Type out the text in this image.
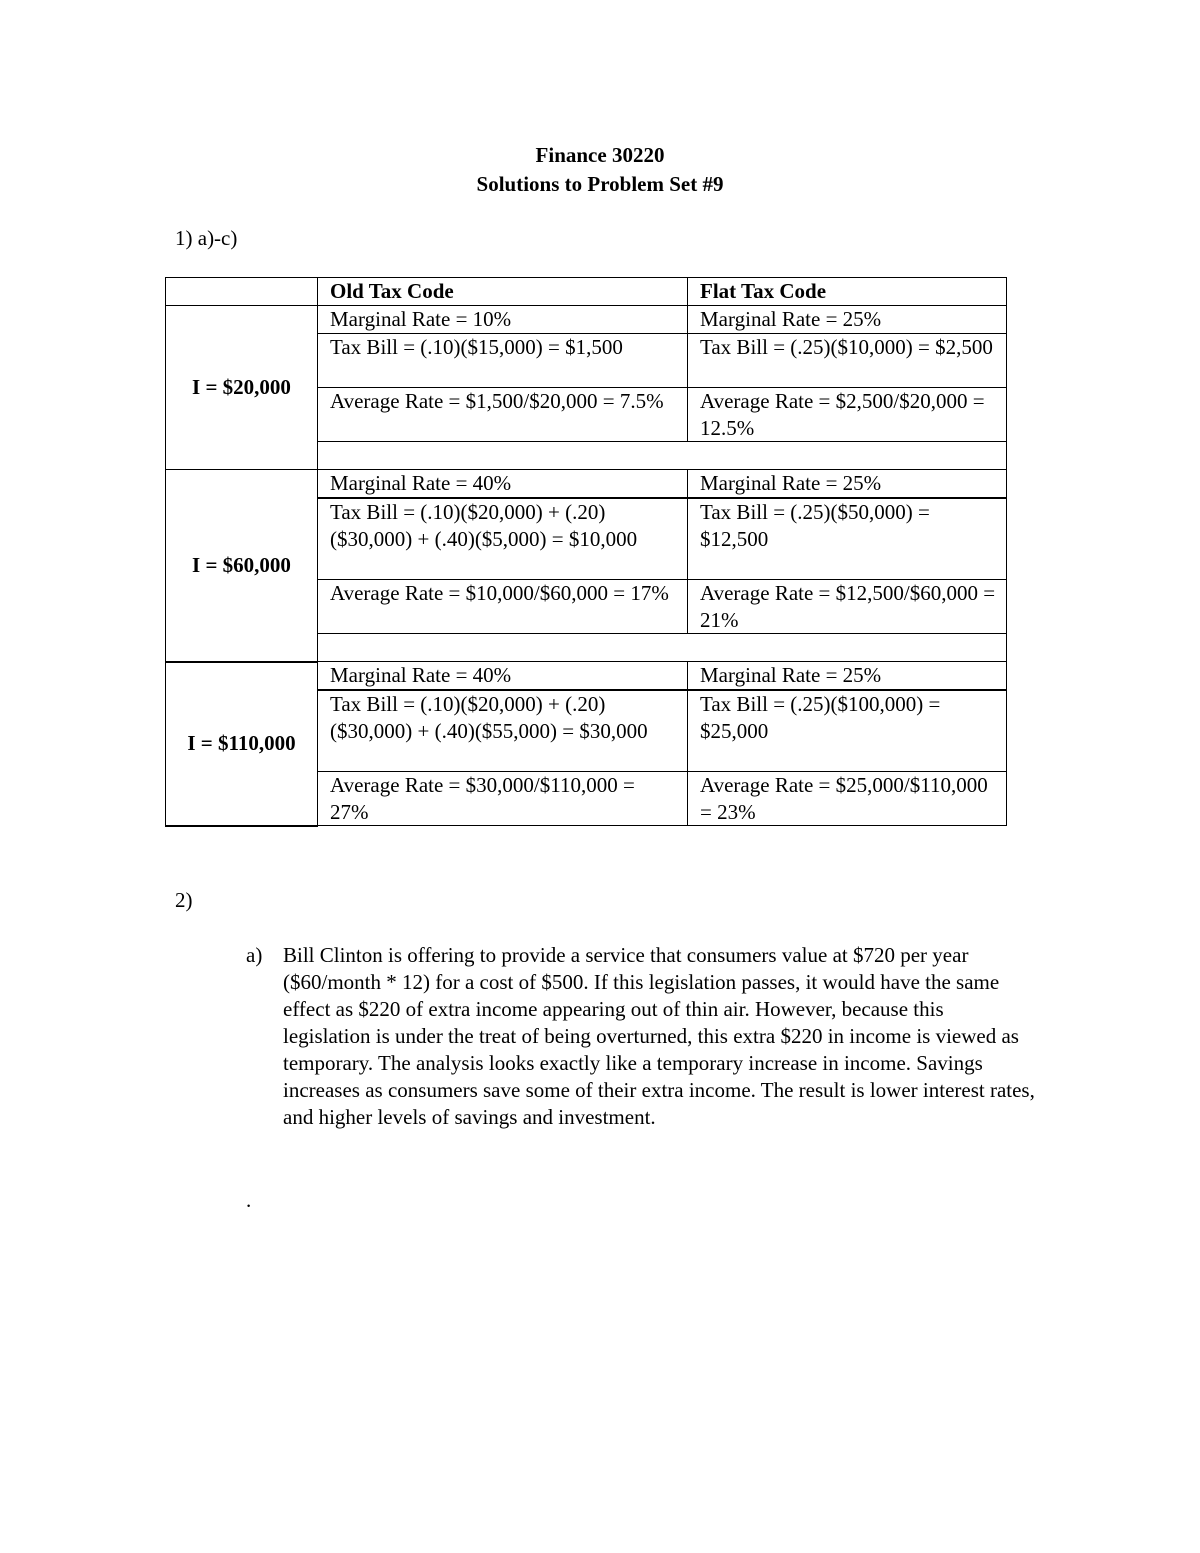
Finance 30220
Solutions to Problem Set #9
1) a)-c)
	Old Tax Code	Flat Tax Code
I = $20,000	Marginal Rate = 10%	Marginal Rate = 25%
	Tax Bill = (.10)($15,000) = $1,500	Tax Bill = (.25)($10,000) = $2,500
	Average Rate = $1,500/$20,000 = 7.5%	Average Rate = $2,500/$20,000 = 12.5%

I = $60,000	Marginal Rate = 40%	Marginal Rate = 25%
	Tax Bill = (.10)($20,000) + (.20)($30,000) + (.40)($5,000) = $10,000	Tax Bill = (.25)($50,000) = $12,500
	Average Rate = $10,000/$60,000 = 17%	Average Rate = $12,500/$60,000 = 21%

I = $110,000	Marginal Rate = 40%	Marginal Rate = 25%
	Tax Bill = (.10)($20,000) + (.20)($30,000) + (.40)($55,000) = $30,000	Tax Bill = (.25)($100,000) = $25,000
	Average Rate = $30,000/$110,000 = 27%	Average Rate = $25,000/$110,000 = 23%
2)
a) Bill Clinton is offering to provide a service that consumers value at $720 per year ($60/month * 12) for a cost of $500. If this legislation passes, it would have the same effect as $220 of extra income appearing out of thin air. However, because this legislation is under the treat of being overturned, this extra $220 in income is viewed as temporary. The analysis looks exactly like a temporary increase in income. Savings increases as consumers save some of their extra income. The result is lower interest rates, and higher levels of savings and investment.
.
